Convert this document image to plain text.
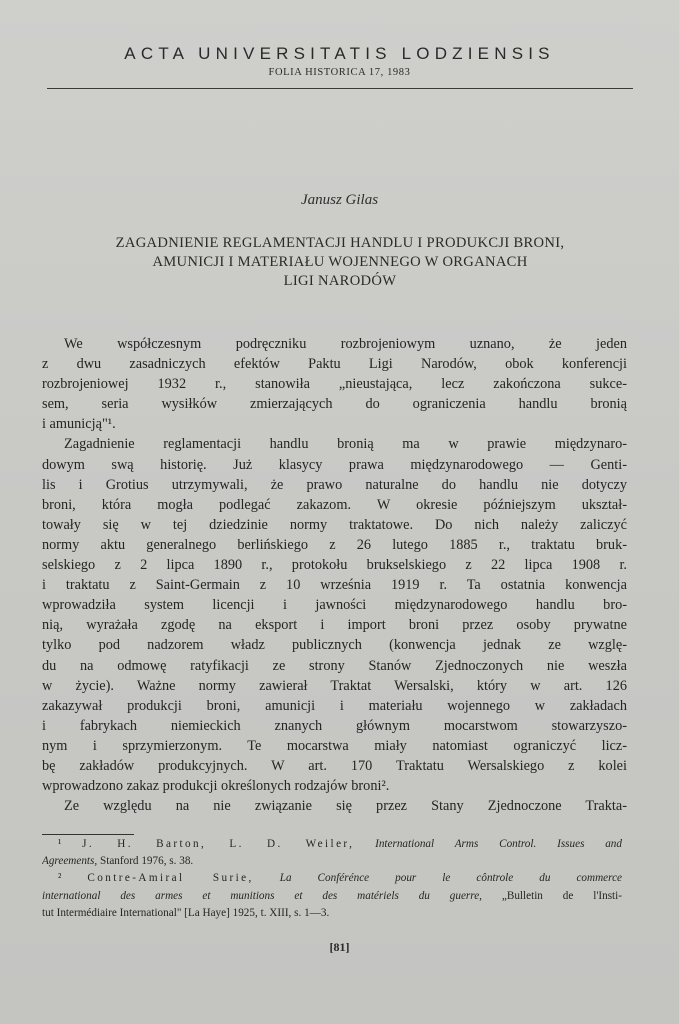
ACTA UNIVERSITATIS LODZIENSIS
FOLIA HISTORICA 17, 1983
Janusz Gilas
ZAGADNIENIE REGLAMENTACJI HANDLU I PRODUKCJI BRONI,
AMUNICJI I MATERIAŁU WOJENNEGO W ORGANACH
LIGI NARODÓW
We współczesnym podręczniku rozbrojeniowym uznano, że jeden
z dwu zasadniczych efektów Paktu Ligi Narodów, obok konferencji
rozbrojeniowej 1932 r., stanowiła „nieustająca, lecz zakończona sukce-
sem, seria wysiłków zmierzających do ograniczenia handlu bronią
i amunicją"¹.
Zagadnienie reglamentacji handlu bronią ma w prawie międzynaro-
dowym swą historię. Już klasycy prawa międzynarodowego — Genti-
lis i Grotius utrzymywali, że prawo naturalne do handlu nie dotyczy
broni, która mogła podlegać zakazom. W okresie późniejszym ukształ-
towały się w tej dziedzinie normy traktatowe. Do nich należy zaliczyć
normy aktu generalnego berlińskiego z 26 lutego 1885 r., traktatu bruk-
selskiego z 2 lipca 1890 r., protokołu brukselskiego z 22 lipca 1908 r.
i traktatu z Saint-Germain z 10 września 1919 r. Ta ostatnia konwencja
wprowadziła system licencji i jawności międzynarodowego handlu bro-
nią, wyrażała zgodę na eksport i import broni przez osoby prywatne
tylko pod nadzorem władz publicznych (konwencja jednak ze wzglę-
du na odmowę ratyfikacji ze strony Stanów Zjednoczonych nie weszła
w życie). Ważne normy zawierał Traktat Wersalski, który w art. 126
zakazywał produkcji broni, amunicji i materiału wojennego w zakładach
i fabrykach niemieckich znanych głównym mocarstwom stowarzyszo-
nym i sprzymierzonym. Te mocarstwa miały natomiast ograniczyć licz-
bę zakładów produkcyjnych. W art. 170 Traktatu Wersalskiego z kolei
wprowadzono zakaz produkcji określonych rodzajów broni².
Ze względu na nie związanie się przez Stany Zjednoczone Trakta-
¹ J. H. Barton, L. D. Weiler, International Arms Control. Issues and
Agreements, Stanford 1976, s. 38.
² Contre-Amiral Surie, La Conférénce pour le côntrole du commerce
international des armes et munitions et des matériels du guerre, „Bulletin de l'Insti-
tut Intermédiaire International" [La Haye] 1925, t. XIII, s. 1—3.
[81]
